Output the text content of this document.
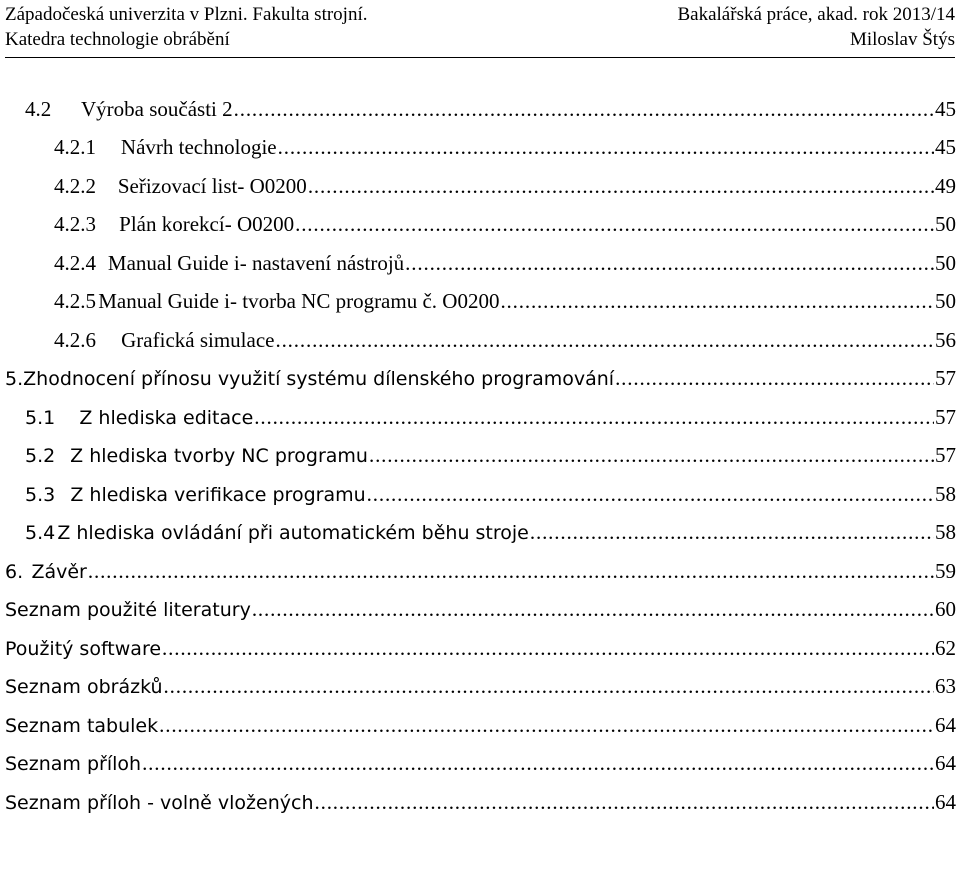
Západočeská univerzita v Plzni. Fakulta strojní.	Bakalářská práce, akad. rok 2013/14
Katedra technologie obrábění	Miloslav Štýs
4.2	Výroba součásti 2 . . .	45
4.2.1	Návrh technologie . . .	45
4.2.2	Seřizovací list- O0200 . . .	49
4.2.3	Plán korekcí- O0200 . . .	50
4.2.4 Manual Guide i- nastavení nástrojů . . .	50
4.2.5 Manual Guide i- tvorba NC programu č. O0200 . . .	50
4.2.6	Grafická simulace . . .	56
5. Zhodnocení přínosu využití systému dílenského programování . . .	57
5.1	Z hlediska editace . . .	57
5.2 Z hlediska tvorby NC programu . . .	57
5.3 Z hlediska verifikace programu . . .	58
5.4 Z hlediska ovládání při automatickém běhu stroje . . .	58
6. Závěr . . .	59
Seznam použité literatury . . .	60
Použitý software . . .	62
Seznam obrázků . . .	63
Seznam tabulek . . .	64
Seznam příloh . . .	64
Seznam příloh - volně vložených . . .	64
